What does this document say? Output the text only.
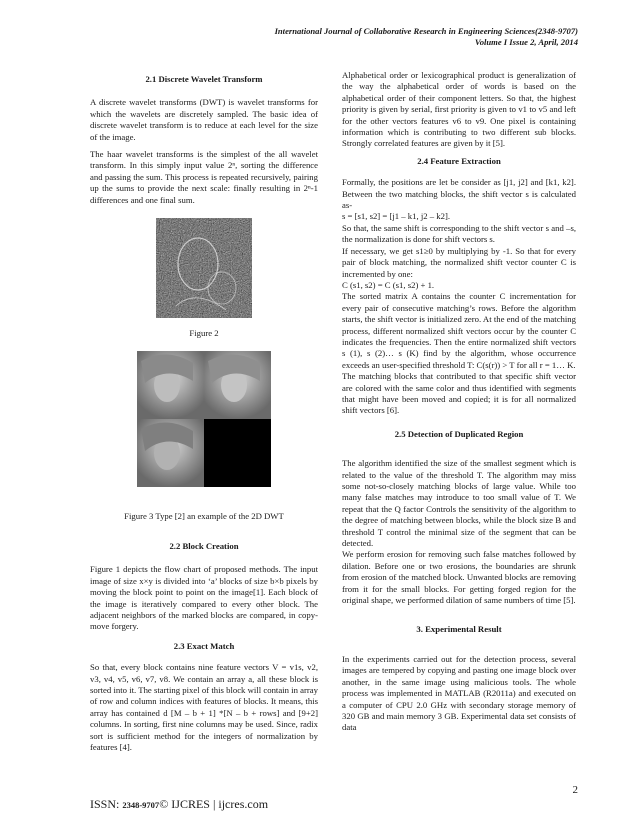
International Journal of Collaborative Research in Engineering Sciences(2348-9707)
Volume I Issue 2, April, 2014

2.1 Discrete Wavelet Transform

A discrete wavelet transforms (DWT) is wavelet transforms for which the wavelets are discretely sampled. The basic idea of discrete wavelet transform is to reduce at each level for the size of the image.

The haar wavelet transforms is the simplest of the all wavelet transform. In this simply input value 2ⁿ, sorting the difference and passing the sum. This process is repeated recursively, pairing up the sums to provide the next scale: finally resulting in 2ⁿ-1 differences and one final sum.

Figure 2

Figure 3 Type [2] an example of the 2D DWT

2.2 Block Creation

Figure 1 depicts the flow chart of proposed methods. The input image of size x×y is divided into ‘a’ blocks of size b×b pixels by moving the block point to point on the image[1]. Each block of the image is iteratively compared to every other block. The adjacent neighbors of the marked blocks are compared, in copy-move forgery.

2.3 Exact Match

So that, every block contains nine feature vectors V = v1s, v2, v3, v4, v5, v6, v7, v8. We contain an array a, all these block is sorted into it. The starting pixel of this block will contain in array of row and column indices with features of blocks. It means, this array has contained d [M – b + 1] *[N – b + rows] and [9+2] columns. In sorting, first nine columns may be used. Since, radix sort is sufficient method for the integers of normalization by features [4].

Alphabetical order or lexicographical product is generalization of the way the alphabetical order of words is based on the alphabetical order of their component letters. So that, the highest priority is given by serial, first priority is given to v1 to v5 and left for the other vectors features v6 to v9. One pixel is containing information which is contributing to two different sub blocks. Strongly correlated features are given by it [5].

2.4 Feature Extraction

Formally, the positions are let be consider as [j1, j2] and [k1, k2]. Between the two matching blocks, the shift vector s is calculated as-

s = [s1, s2] = [j1 – k1, j2 – k2].

So that, the same shift is corresponding to the shift vector s and –s, the normalization is done for shift vectors s.

If necessary, we get s1≥0 by multiplying by -1. So that for every pair of block matching, the normalized shift vector counter C is incremented by one:

C (s1, s2) = C (s1, s2) + 1.

The sorted matrix A contains the counter C incrementation for every pair of consecutive matching’s rows. Before the algorithm starts, the shift vector is initialized zero. At the end of the matching process, different normalized shift vectors occur by the counter C indicates the frequencies. Then the entire normalized shift vectors s (1), s (2)… s (K) find by the algorithm, whose occurrence exceeds an user-specified threshold T: C(s(r)) > T for all r = 1… K.

The matching blocks that contributed to that specific shift vector are colored with the same color and thus identified with segments that might have been moved and copied; it is for all normalized shift vectors [6].

2.5 Detection of Duplicated Region

The algorithm identified the size of the smallest segment which is related to the value of the threshold T. The algorithm may miss some not-so-closely matching blocks of large value. While too many false matches may introduce to too small value of T. We repeat that the Q factor Controls the sensitivity of the algorithm to the degree of matching between blocks, while the block size B and threshold T control the minimal size of the segment that can be detected.

We perform erosion for removing such false matches followed by dilation. Before one or two erosions, the boundaries are shrunk from erosion of the matched block. Unwanted blocks are removing from it for the small blocks. For getting forged region for the original shape, we performed dilation of same numbers of time [5].

3. Experimental Result

In the experiments carried out for the detection process, several images are tempered by copying and pasting one image block over another, in the same image using malicious tools. The whole process was implemented in MATLAB (R2011a) and executed on a computer of CPU 2.0 GHz with secondary storage memory of 320 GB and main memory 3 GB. Experimental data set consists of data

2
ISSN: 2348-9707© IJCRES | ijcres.com
